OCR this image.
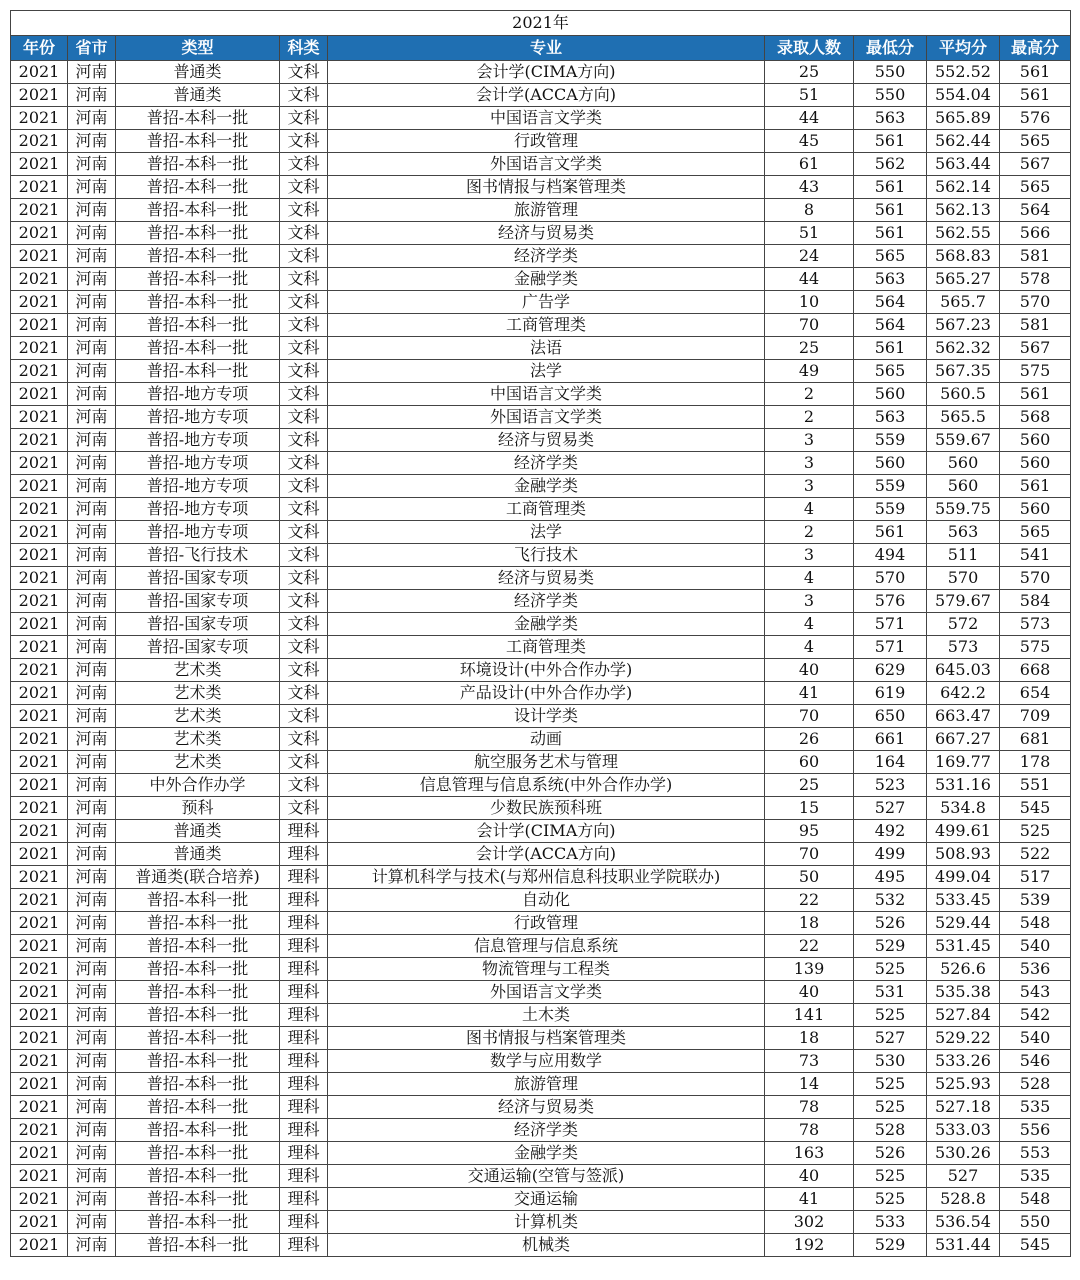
2021年								
年份	省市	类型	科类	专业	录取人数	最低分	平均分	最高分
2021	河南	普通类	文科	会计学(CIMA方向)	25	550	552.52	561
2021	河南	普通类	文科	会计学(ACCA方向)	51	550	554.04	561
2021	河南	普招-本科一批	文科	中国语言文学类	44	563	565.89	576
2021	河南	普招-本科一批	文科	行政管理	45	561	562.44	565
2021	河南	普招-本科一批	文科	外国语言文学类	61	562	563.44	567
2021	河南	普招-本科一批	文科	图书情报与档案管理类	43	561	562.14	565
2021	河南	普招-本科一批	文科	旅游管理	8	561	562.13	564
2021	河南	普招-本科一批	文科	经济与贸易类	51	561	562.55	566
2021	河南	普招-本科一批	文科	经济学类	24	565	568.83	581
2021	河南	普招-本科一批	文科	金融学类	44	563	565.27	578
2021	河南	普招-本科一批	文科	广告学	10	564	565.7	570
2021	河南	普招-本科一批	文科	工商管理类	70	564	567.23	581
2021	河南	普招-本科一批	文科	法语	25	561	562.32	567
2021	河南	普招-本科一批	文科	法学	49	565	567.35	575
2021	河南	普招-地方专项	文科	中国语言文学类	2	560	560.5	561
2021	河南	普招-地方专项	文科	外国语言文学类	2	563	565.5	568
2021	河南	普招-地方专项	文科	经济与贸易类	3	559	559.67	560
2021	河南	普招-地方专项	文科	经济学类	3	560	560	560
2021	河南	普招-地方专项	文科	金融学类	3	559	560	561
2021	河南	普招-地方专项	文科	工商管理类	4	559	559.75	560
2021	河南	普招-地方专项	文科	法学	2	561	563	565
2021	河南	普招-飞行技术	文科	飞行技术	3	494	511	541
2021	河南	普招-国家专项	文科	经济与贸易类	4	570	570	570
2021	河南	普招-国家专项	文科	经济学类	3	576	579.67	584
2021	河南	普招-国家专项	文科	金融学类	4	571	572	573
2021	河南	普招-国家专项	文科	工商管理类	4	571	573	575
2021	河南	艺术类	文科	环境设计(中外合作办学)	40	629	645.03	668
2021	河南	艺术类	文科	产品设计(中外合作办学)	41	619	642.2	654
2021	河南	艺术类	文科	设计学类	70	650	663.47	709
2021	河南	艺术类	文科	动画	26	661	667.27	681
2021	河南	艺术类	文科	航空服务艺术与管理	60	164	169.77	178
2021	河南	中外合作办学	文科	信息管理与信息系统(中外合作办学)	25	523	531.16	551
2021	河南	预科	文科	少数民族预科班	15	527	534.8	545
2021	河南	普通类	理科	会计学(CIMA方向)	95	492	499.61	525
2021	河南	普通类	理科	会计学(ACCA方向)	70	499	508.93	522
2021	河南	普通类(联合培养)	理科	计算机科学与技术(与郑州信息科技职业学院联办)	50	495	499.04	517
2021	河南	普招-本科一批	理科	自动化	22	532	533.45	539
2021	河南	普招-本科一批	理科	行政管理	18	526	529.44	548
2021	河南	普招-本科一批	理科	信息管理与信息系统	22	529	531.45	540
2021	河南	普招-本科一批	理科	物流管理与工程类	139	525	526.6	536
2021	河南	普招-本科一批	理科	外国语言文学类	40	531	535.38	543
2021	河南	普招-本科一批	理科	土木类	141	525	527.84	542
2021	河南	普招-本科一批	理科	图书情报与档案管理类	18	527	529.22	540
2021	河南	普招-本科一批	理科	数学与应用数学	73	530	533.26	546
2021	河南	普招-本科一批	理科	旅游管理	14	525	525.93	528
2021	河南	普招-本科一批	理科	经济与贸易类	78	525	527.18	535
2021	河南	普招-本科一批	理科	经济学类	78	528	533.03	556
2021	河南	普招-本科一批	理科	金融学类	163	526	530.26	553
2021	河南	普招-本科一批	理科	交通运输(空管与签派)	40	525	527	535
2021	河南	普招-本科一批	理科	交通运输	41	525	528.8	548
2021	河南	普招-本科一批	理科	计算机类	302	533	536.54	550
2021	河南	普招-本科一批	理科	机械类	192	529	531.44	545
